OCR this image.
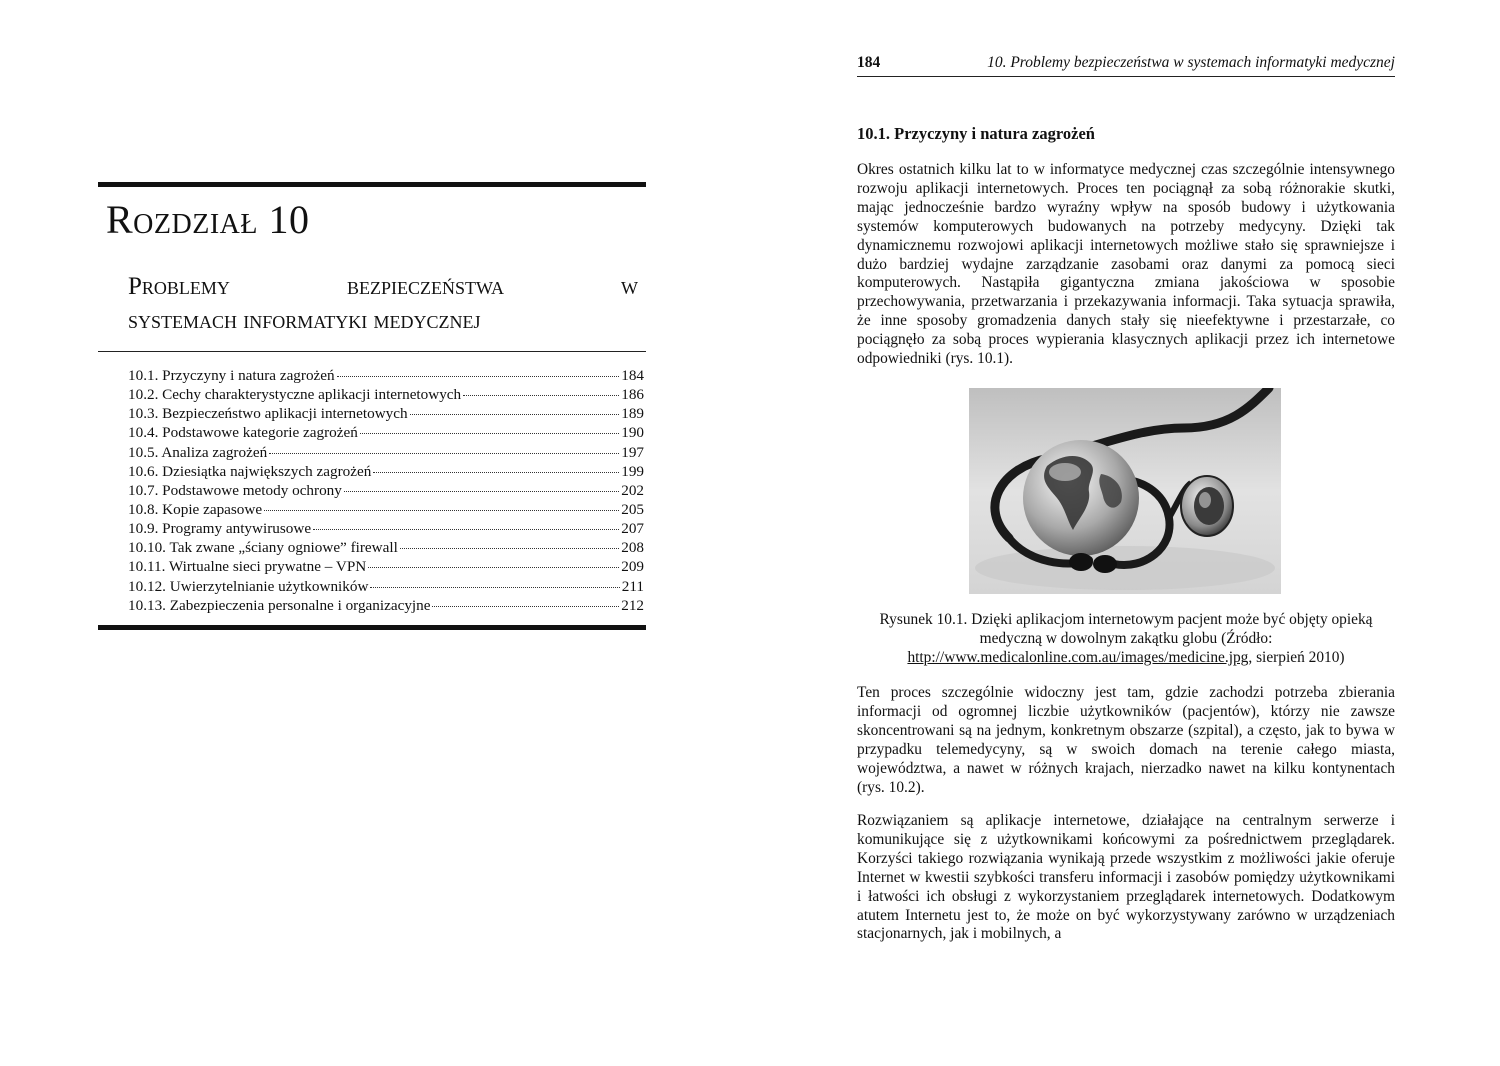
Rozdział 10
Problemy bezpieczeństwa w
systemach informatyki medycznej
10.1. Przyczyny i natura zagrożeń	184
10.2. Cechy charakterystyczne aplikacji internetowych	186
10.3. Bezpieczeństwo aplikacji internetowych	189
10.4. Podstawowe kategorie zagrożeń	190
10.5. Analiza zagrożeń	197
10.6. Dziesiątka największych zagrożeń	199
10.7. Podstawowe metody ochrony	202
10.8. Kopie zapasowe	205
10.9. Programy antywirusowe	207
10.10. Tak zwane „ściany ogniowe” firewall	208
10.11. Wirtualne sieci prywatne – VPN	209
10.12. Uwierzytelnianie użytkowników	211
10.13. Zabezpieczenia personalne i organizacyjne	212
184	10. Problemy bezpieczeństwa w systemach informatyki medycznej
10.1. Przyczyny i natura zagrożeń

Okres ostatnich kilku lat to w informatyce medycznej czas szczególnie intensywnego rozwoju aplikacji internetowych. Proces ten pociągnął za sobą różnorakie skutki, mając jednocześnie bardzo wyraźny wpływ na sposób budowy i użytkowania systemów komputerowych budowanych na potrzeby medycyny. Dzięki tak dynamicznemu rozwojowi aplikacji internetowych możliwe stało się sprawniejsze i dużo bardziej wydajne zarządzanie zasobami oraz danymi za pomocą sieci komputerowych. Nastąpiła gigantyczna zmiana jakościowa w sposobie przechowywania, przetwarzania i przekazywania informacji. Taka sytuacja sprawiła, że inne sposoby gromadzenia danych stały się nieefektywne i przestarzałe, co pociągnęło za sobą proces wypierania klasycznych aplikacji przez ich internetowe odpowiedniki (rys. 10.1).

Rysunek 10.1. Dzięki aplikacjom internetowym pacjent może być objęty opieką
medyczną w dowolnym zakątku globu (Źródło:
http://www.medicalonline.com.au/images/medicine.jpg, sierpień 2010)

Ten proces szczególnie widoczny jest tam, gdzie zachodzi potrzeba zbierania informacji od ogromnej liczbie użytkowników (pacjentów), którzy nie zawsze skoncentrowani są na jednym, konkretnym obszarze (szpital), a często, jak to bywa w przypadku telemedycyny, są w swoich domach na terenie całego miasta, województwa, a nawet w różnych krajach, nierzadko nawet na kilku kontynentach (rys. 10.2).

Rozwiązaniem są aplikacje internetowe, działające na centralnym serwerze i komunikujące się z użytkownikami końcowymi za pośrednictwem przeglądarek. Korzyści takiego rozwiązania wynikają przede wszystkim z możliwości jakie oferuje Internet w kwestii szybkości transferu informacji i zasobów pomiędzy użytkownikami i łatwości ich obsługi z wykorzystaniem przeglądarek internetowych. Dodatkowym atutem Internetu jest to, że może on być wykorzystywany zarówno w urządzeniach stacjonarnych, jak i mobilnych, a
